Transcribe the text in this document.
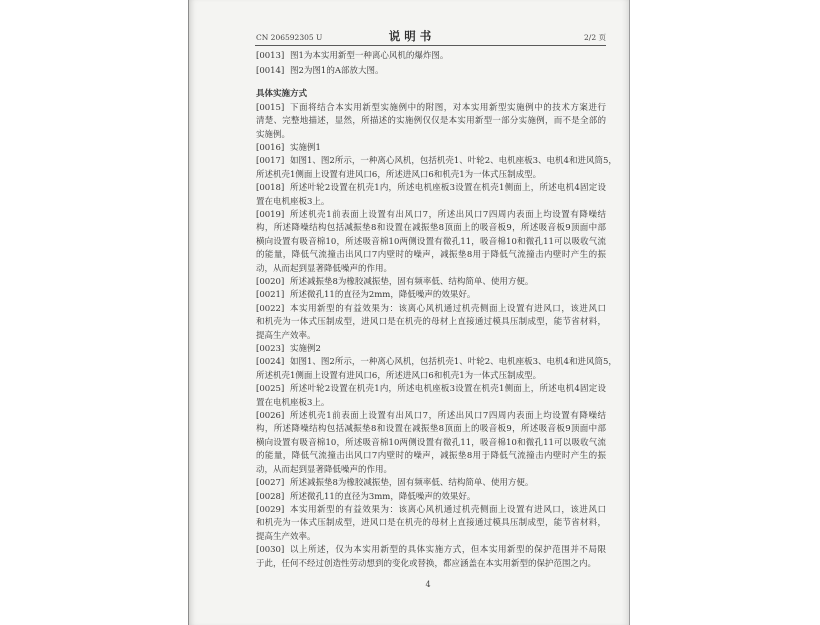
CN 206592305 U	说 明 书	2/2 页
[0013] 图1为本实用新型一种离心风机的爆炸图。
[0014] 图2为图1的A部放大图。
具体实施方式
[0015] 下面将结合本实用新型实施例中的附图，对本实用新型实施例中的技术方案进行
清楚、完整地描述，显然，所描述的实施例仅仅是本实用新型一部分实施例，而不是全部的
实施例。
[0016] 实施例1
[0017] 如图1、图2所示，一种离心风机，包括机壳1、叶轮2、电机座板3、电机4和进风筒5，
所述机壳1侧面上设置有进风口6，所述进风口6和机壳1为一体式压制成型。
[0018] 所述叶轮2设置在机壳1内，所述电机座板3设置在机壳1侧面上，所述电机4固定设
置在电机座板3上。
[0019] 所述机壳1前表面上设置有出风口7，所述出风口7四周内表面上均设置有降噪结
构，所述降噪结构包括减振垫8和设置在减振垫8顶面上的吸音板9，所述吸音板9顶面中部
横向设置有吸音棉10，所述吸音棉10两侧设置有微孔11，吸音棉10和微孔11可以吸收气流
的能量，降低气流撞击出风口7内壁时的噪声，减振垫8用于降低气流撞击内壁时产生的振
动，从而起到显著降低噪声的作用。
[0020] 所述减振垫8为橡胶减振垫，固有频率低、结构简单、使用方便。
[0021] 所述微孔11的直径为2mm，降低噪声的效果好。
[0022] 本实用新型的有益效果为：该离心风机通过机壳侧面上设置有进风口，该进风口
和机壳为一体式压制成型，进风口是在机壳的母材上直接通过模具压制成型，能节省材料，
提高生产效率。
[0023] 实施例2
[0024] 如图1、图2所示，一种离心风机，包括机壳1、叶轮2、电机座板3、电机4和进风筒5，
所述机壳1侧面上设置有进风口6，所述进风口6和机壳1为一体式压制成型。
[0025] 所述叶轮2设置在机壳1内，所述电机座板3设置在机壳1侧面上，所述电机4固定设
置在电机座板3上。
[0026] 所述机壳1前表面上设置有出风口7，所述出风口7四周内表面上均设置有降噪结
构，所述降噪结构包括减振垫8和设置在减振垫8顶面上的吸音板9，所述吸音板9顶面中部
横向设置有吸音棉10，所述吸音棉10两侧设置有微孔11，吸音棉10和微孔11可以吸收气流
的能量，降低气流撞击出风口7内壁时的噪声，减振垫8用于降低气流撞击内壁时产生的振
动，从而起到显著降低噪声的作用。
[0027] 所述减振垫8为橡胶减振垫，固有频率低、结构简单、使用方便。
[0028] 所述微孔11的直径为3mm，降低噪声的效果好。
[0029] 本实用新型的有益效果为：该离心风机通过机壳侧面上设置有进风口，该进风口
和机壳为一体式压制成型，进风口是在机壳的母材上直接通过模具压制成型，能节省材料，
提高生产效率。
[0030] 以上所述，仅为本实用新型的具体实施方式，但本实用新型的保护范围并不局限
于此，任何不经过创造性劳动想到的变化或替换，都应涵盖在本实用新型的保护范围之内。
4
